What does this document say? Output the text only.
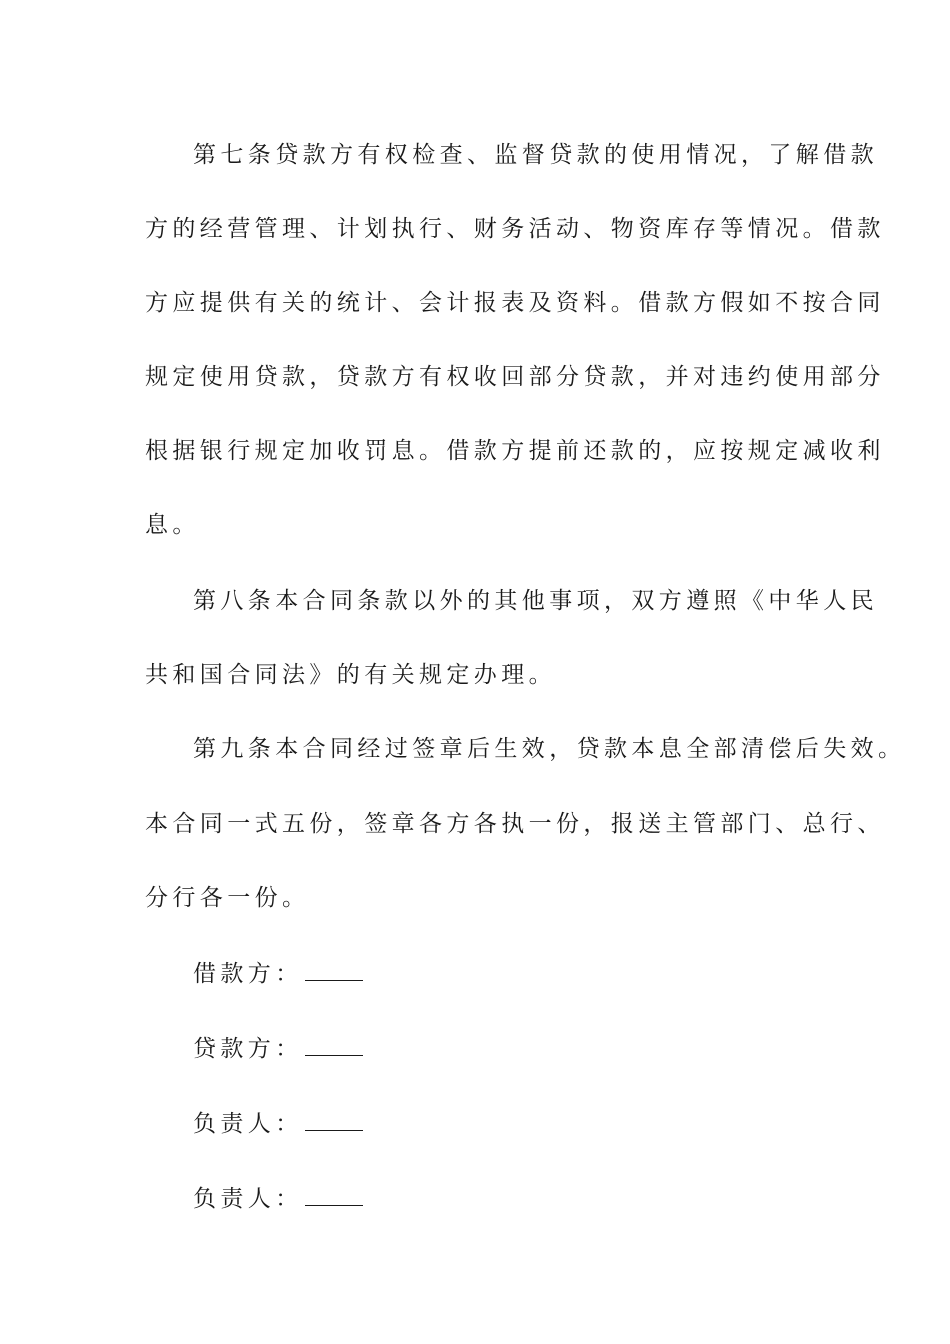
第七条贷款方有权检查、监督贷款的使用情况，了解借款
方的经营管理、计划执行、财务活动、物资库存等情况。借款
方应提供有关的统计、会计报表及资料。借款方假如不按合同
规定使用贷款，贷款方有权收回部分贷款，并对违约使用部分
根据银行规定加收罚息。借款方提前还款的，应按规定减收利
息。
第八条本合同条款以外的其他事项，双方遵照《中华人民
共和国合同法》的有关规定办理。
第九条本合同经过签章后生效，贷款本息全部清偿后失效。
本合同一式五份，签章各方各执一份，报送主管部门、总行、
分行各一份。
借款方：
贷款方：
负责人：
负责人：
